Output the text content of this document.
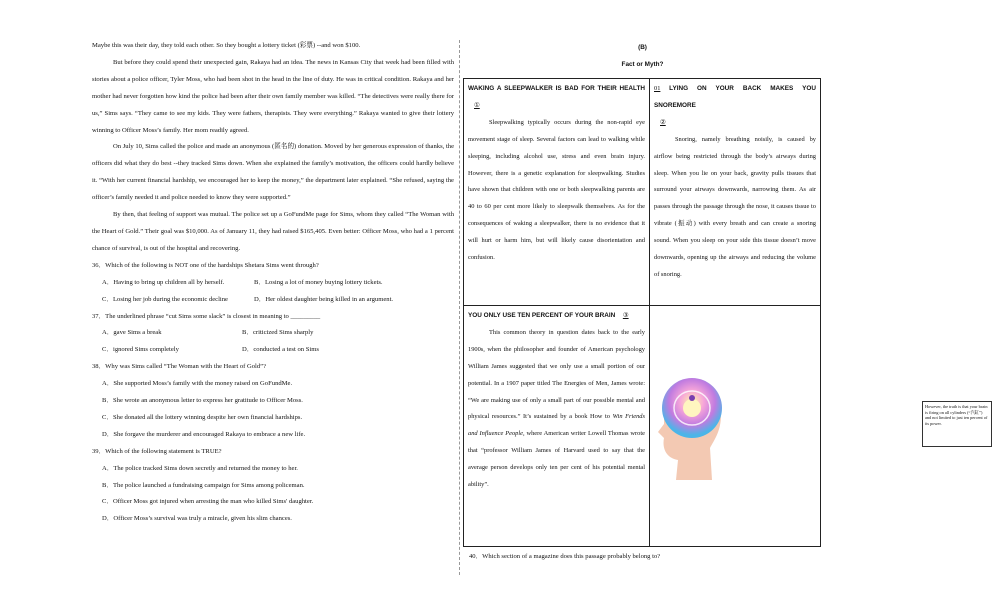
Maybe this was their day, they told each other. So they bought a lottery ticket (彩票) --and won $100.

But before they could spend their unexpected gain, Rakaya had an idea. The news in Kansas City that week had been filled with stories about a police officer, Tyler Moss, who had been shot in the head in the line of duty. He was in critical condition. Rakaya and her mother had never forgotten how kind the police had been after their own family member was killed. “The detectives were really there for us,” Sims says. “They came to see my kids. They were fathers, therapists. They were everything.” Rakaya wanted to give their lottery winning to Officer Moss’s family. Her mom readily agreed.

On July 10, Sims called the police and made an anonymous (匿名的) donation. Moved by her generous expression of thanks, the officers did what they do best --they tracked Sims down. When she explained the family’s motivation, the officers could hardly believe it. “With her current financial hardship, we encouraged her to keep the money,” the department later explained. “She refused, saying the officer’s family needed it and police needed to know they were supported.”

By then, that feeling of support was mutual. The police set up a GoFundMe page for Sims, whom they called “The Woman with the Heart of Gold.” Their goal was $10,000. As of January 11, they had raised $165,405. Even better: Officer Moss, who had a 1 percent chance of survival, is out of the hospital and recovering.

36．Which of the following is NOT one of the hardships Shetara Sims went through?

A．Having to bring up children all by herself.	B．Losing a lot of money buying lottery tickets.
C．Losing her job during the economic decline	D．Her oldest daughter being killed in an argument.

37．The underlined phrase “cut Sims some slack” is closest in meaning to _________

A．gave Sims a break	B．criticized Sims sharply
C．ignored Sims completely	D．conducted a test on Sims

38．Why was Sims called “The Woman with the Heart of Gold”?

A．She supported Moss’s family with the money raised on GoFundMe.

B．She wrote an anonymous letter to express her gratitude to Officer Moss.

C．She donated all the lottery winning despite her own financial hardships.

D．She forgave the murderer and encouraged Rakaya to embrace a new life.

39．Which of the following statement is TRUE?

A．The police tracked Sims down secretly and returned the money to her.

B．The police launched a fundraising campaign for Sims among policeman.

C．Officer Moss got injured when arresting the man who killed Sims' daughter.

D．Officer Moss’s survival was truly a miracle, given his slim chances.

(B)
Fact or Myth?

WAKING A SLEEPWALKER IS BAD FOR THEIR HEALTH ①

Sleepwalking typically occurs during the non-rapid eye movement stage of sleep. Several factors can lead to walking while sleeping, including alcohol use, stress and even brain injury. However, there is a genetic explanation for sleepwalking. Studies have shown that children with one or both sleepwalking parents are 40 to 60 per cent more likely to sleepwalk themselves. As for the consequences of waking a sleepwalker, there is no evidence that it will hurt or harm him, but will likely cause disorientation and confusion.

01 LYING ON YOUR BACK MAKES YOU SNOREMORE

②

Snoring, namely breathing noisily, is caused by airflow being restricted through the body’s airways during sleep. When you lie on your back, gravity pulls tissues that surround your airways downwards, narrowing them. As air passes through the passage through the nose, it causes tissue to vibrate (振动) with every breath and can create a snoring sound. When you sleep on your side this tissue doesn’t move downwards, opening up the airways and reducing the volume of snoring.

YOU ONLY USE TEN PERCENT OF YOUR BRAIN ③

This common theory in question dates back to the early 1900s, when the philosopher and founder of American psychology William James suggested that we only use a small portion of our potential. In a 1907 paper titled The Energies of Men, James wrote: “We are making use of only a small part of our possible mental and physical resources.” It’s sustained by a book How to Win Friends and Influence People, where American writer Lowell Thomas wrote that “professor William James of Harvard used to say that the average person develops only ten per cent of his potential mental ability”.

However, the truth is that your brain is firing on all cylinders (“汽缸”) and not limited to just ten percent of its power.
40．Which section of a magazine does this passage probably belong to?
